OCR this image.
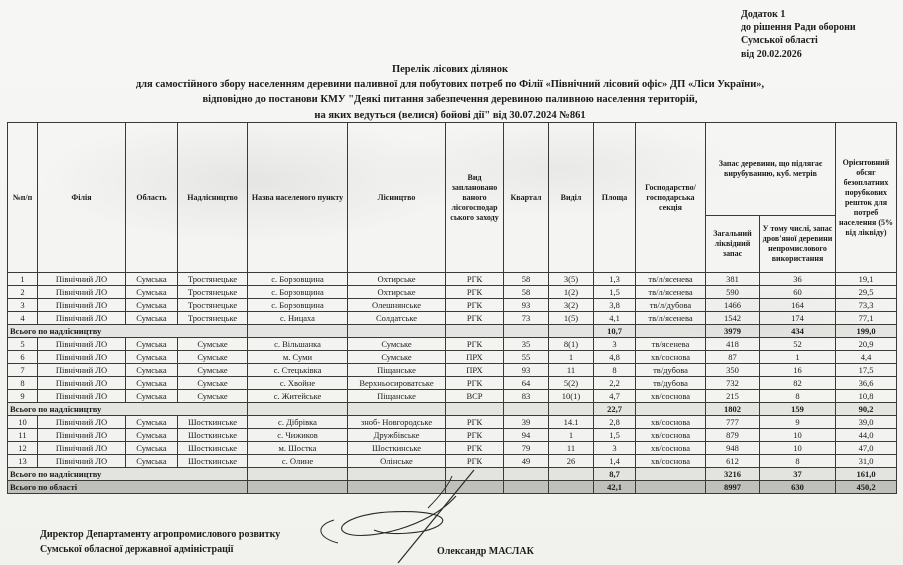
Додаток 1
до рішення Ради оборони
Сумської області
від 20.02.2026
Перелік лісових ділянок
для самостійного збору населенням деревини паливної для побутових потреб по Філії «Північний лісовий офіс» ДП «Ліси України»,
відповідно до постанови КМУ "Деякі питання забезпечення деревиною паливною населення територій,
на яких ведуться (велися) бойові дії" від 30.07.2024 №861
№п/п	Філія	Область	Надлісництво	Назва населеного пункту	Лісництво	Вид заплановано ваного лісогосподар ського заходу	Квартал	Виділ	Площа	Господарство/ господарська секція	Запас деревини, що підлягає вирубуванню, куб. метрів		Орієнтовний обсяг безоплатних порубкових решток для потреб населення (5% від ліквіду)
											Загальний ліквідний запас	У тому числі, запас дров'яної деревини непромислового використання	
1	Північний ЛО	Сумська	Тростянецьке	с. Борзовщина	Охтирське	РГК	58	3(5)	1,3	тв/л/ясенева	381	36	19,1
2	Північний ЛО	Сумська	Тростянецьке	с. Борзовщина	Охтирське	РГК	58	1(2)	1,5	тв/л/ясенева	590	60	29,5
3	Північний ЛО	Сумська	Тростянецьке	с. Борзовщина	Олешнянське	РГК	93	3(2)	3,8	тв/л/дубова	1466	164	73,3
4	Північний ЛО	Сумська	Тростянецьке	с. Ницаха	Солдатське	РГК	73	1(5)	4,1	тв/л/ясенева	1542	174	77,1
Всього по надлісництву									10,7		3979	434	199,0
5	Північний ЛО	Сумська	Сумське	с. Вільшанка	Сумське	РГК	35	8(1)	3	тв/ясенева	418	52	20,9
6	Північний ЛО	Сумська	Сумське	м. Суми	Сумське	ПРХ	55	1	4,8	хв/соснова	87	1	4,4
7	Північний ЛО	Сумська	Сумське	с. Стецьківка	Піщанське	ПРХ	93	11	8	тв/дубова	350	16	17,5
8	Північний ЛО	Сумська	Сумське	с. Хвойне	Верхньосироватське	РГК	64	5(2)	2,2	тв/дубова	732	82	36,6
9	Північний ЛО	Сумська	Сумське	с. Житейське	Піщанське	ВСР	83	10(1)	4,7	хв/соснова	215	8	10,8
Всього по надлісництву									22,7		1802	159	90,2
10	Північний ЛО	Сумська	Шосткинське	с. Дібрівка	зноб- Новгородське	РГК	39	14.1	2,8	хв/соснова	777	9	39,0
11	Північний ЛО	Сумська	Шосткинське	с. Чижиков	Дружбівське	РГК	94	1	1,5	хв/соснова	879	10	44,0
12	Північний ЛО	Сумська	Шосткинське	м. Шостка	Шосткинське	РГК	79	11	3	хв/соснова	948	10	47,0
13	Північний ЛО	Сумська	Шосткинське	с. Олине	Олінське	РГК	49	26	1,4	хв/соснова	612	8	31,0
Всього по надлісництву									8,7		3216	37	161,0
Всього по області									42,1		8997	630	450,2
Директор Департаменту агропромислового розвитку
Сумської обласної державної адміністрації	Олександр МАСЛАК
